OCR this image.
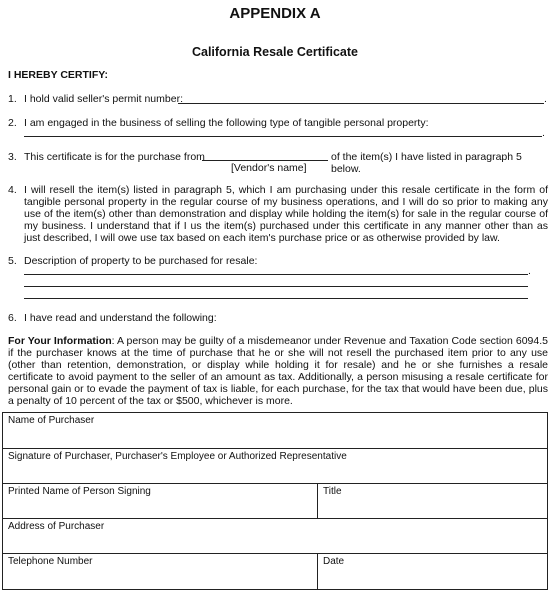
APPENDIX A
California Resale Certificate
I HEREBY CERTIFY:
1. I hold valid seller's permit number:	.
2. I am engaged in the business of selling the following type of tangible personal property:
.
3. This certificate is for the purchase from	of the item(s) I have listed in paragraph 5 below.
[Vendor's name]
4. I will resell the item(s) listed in paragraph 5, which I am purchasing under this resale certificate in the form of tangible personal property in the regular course of my business operations, and I will do so prior to making any use of the item(s) other than demonstration and display while holding the item(s) for sale in the regular course of my business. I understand that if I us the item(s) purchased under this certificate in any manner other than as just described, I will owe use tax based on each item's purchase price or as otherwise provided by law.
5. Description of property to be purchased for resale:
.
6. I have read and understand the following:
For Your Information: A person may be guilty of a misdemeanor under Revenue and Taxation Code section 6094.5 if the purchaser knows at the time of purchase that he or she will not resell the purchased item prior to any use (other than retention, demonstration, or display while holding it for resale) and he or she furnishes a resale certificate to avoid payment to the seller of an amount as tax. Additionally, a person misusing a resale certificate for personal gain or to evade the payment of tax is liable, for each purchase, for the tax that would have been due, plus a penalty of 10 percent of the tax or $500, whichever is more.
Name of Purchaser	
Signature of Purchaser, Purchaser's Employee or Authorized Representative	
Printed Name of Person Signing	Title
Address of Purchaser	
Telephone Number	Date
